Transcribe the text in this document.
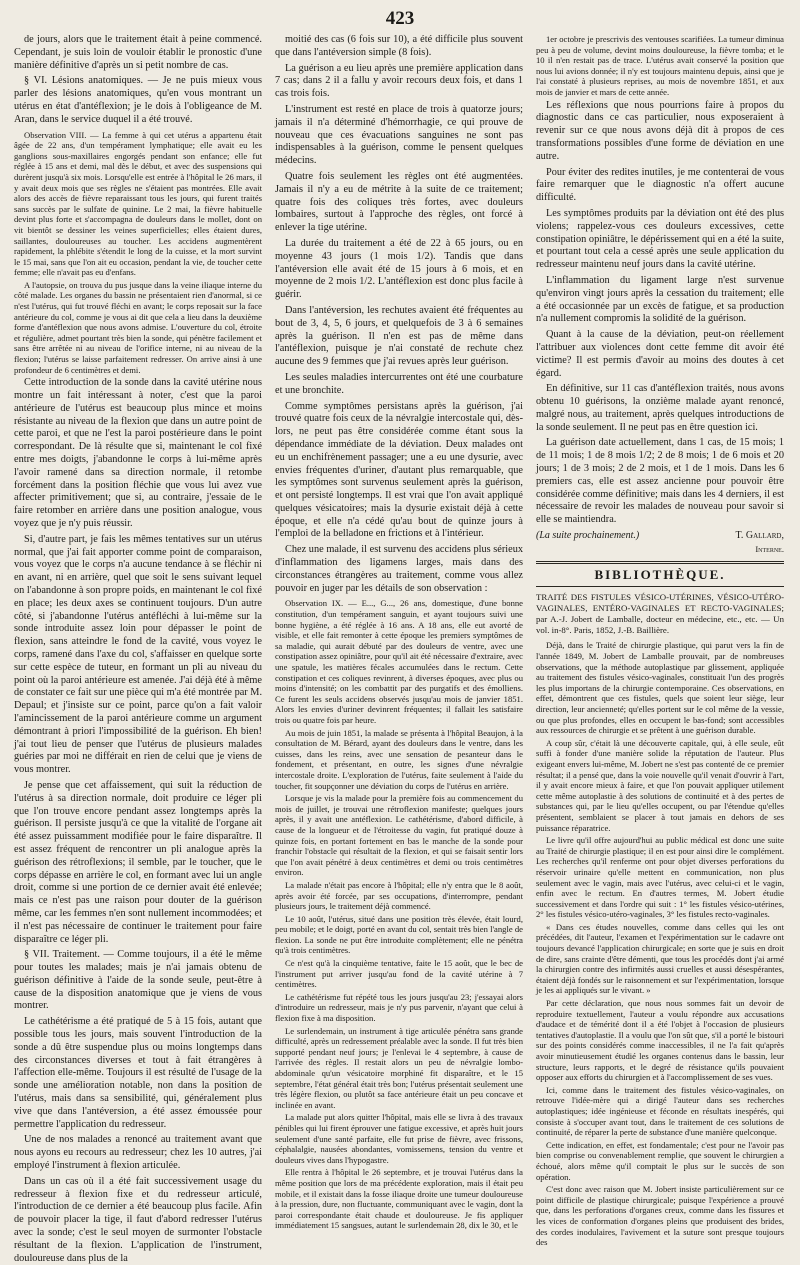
423

de jours, alors que le traitement était à peine commencé. Cependant, je suis loin de vouloir établir le pronostic d'une manière définitive d'après un si petit nombre de cas.

§ VI. Lésions anatomiques. — Je ne puis mieux vous parler des lésions anatomiques, qu'en vous montrant un utérus en état d'antéflexion; je le dois à l'obligeance de M. Aran, dans le service duquel il a été trouvé.

Observation VIII. — La femme à qui cet utérus a appartenu était âgée de 22 ans, d'un tempérament lymphatique; elle avait eu les ganglions sous-maxillaires engorgés pendant son enfance; elle fut réglée à 15 ans et demi, mal dès le début, et avec des suspensions qui durèrent jusqu'à six mois. Lorsqu'elle est entrée à l'hôpital le 26 mars, il y avait deux mois que ses règles ne s'étaient pas montrées. Elle avait alors des accès de fièvre reparaissant tous les jours, qui furent traités sans succès par le sulfate de quinine. Le 2 mai, la fièvre habituelle devint plus forte et s'accompagna de douleurs dans le mollet, dont on vit bientôt se dessiner les veines superficielles; elles étaient dures, saillantes, douloureuses au toucher. Les accidens augmentèrent rapidement, la phlébite s'étendit le long de la cuisse, et la mort survint le 15 mai, sans que l'on ait eu occasion, pendant la vie, de toucher cette femme; elle n'avait pas eu d'enfans.

A l'autopsie, on trouva du pus jusque dans la veine iliaque interne du côté malade. Les organes du bassin ne présentaient rien d'anormal, si ce n'est l'utérus, qui fut trouvé fléchi en avant; le corps reposait sur la face antérieure du col, comme je vous ai dit que cela a lieu dans la deuxième forme d'antéflexion que nous avons admise. L'ouverture du col, étroite et régulière, admet pourtant très bien la sonde, qui pénètre facilement et sans être arrêtée ni au niveau de l'orifice interne, ni au niveau de la flexion; l'utérus se laisse parfaitement redresser. On arrive ainsi à une profondeur de 6 centimètres et demi.

Cette introduction de la sonde dans la cavité utérine nous montre un fait intéressant à noter, c'est que la paroi antérieure de l'utérus est beaucoup plus mince et moins résistante au niveau de la flexion que dans un autre point de cette paroi, et que ne l'est la paroi postérieure dans le point correspondant. De là résulte que si, maintenant le col fixé entre mes doigts, j'abandonne le corps à lui-même après l'avoir ramené dans sa direction normale, il retombe forcément dans la position fléchie que vous lui avez vue affecter primitivement; que si, au contraire, j'essaie de le faire retomber en arrière dans une position analogue, vous voyez que je n'y puis réussir.

Si, d'autre part, je fais les mêmes tentatives sur un utérus normal, que j'ai fait apporter comme point de comparaison, vous voyez que le corps n'a aucune tendance à se fléchir ni en avant, ni en arrière, quel que soit le sens suivant lequel on l'abandonne à son propre poids, en maintenant le col fixé en place; les deux axes se continuent toujours. D'un autre côté, si j'abandonne l'utérus antéfléchi à lui-même sur la sonde introduite assez loin pour dépasser le point de flexion, sans atteindre le fond de la cavité, vous voyez le corps, ramené dans l'axe du col, s'affaisser en quelque sorte sur cette espèce de tuteur, en formant un pli au niveau du point où la paroi antérieure est amenée. J'ai déjà été à même de constater ce fait sur une pièce qui m'a été montrée par M. Depaul; et j'insiste sur ce point, parce qu'on a fait valoir l'amincissement de la paroi antérieure comme un argument démontrant à priori l'impossibilité de la guérison. Eh bien! j'ai tout lieu de penser que l'utérus de plusieurs malades guéries par moi ne différait en rien de celui que je viens de vous montrer.

Je pense que cet affaissement, qui suit la réduction de l'utérus à sa direction normale, doit produire ce léger pli que l'on trouve encore pendant assez longtemps après la guérison. Il persiste jusqu'à ce que la vitalité de l'organe ait été assez puissamment modifiée pour le faire disparaître. Il est assez fréquent de rencontrer un pli analogue après la guérison des rétroflexions; il semble, par le toucher, que le corps dépasse en arrière le col, en formant avec lui un angle droit, comme si une portion de ce dernier avait été enlevée; mais ce n'est pas une raison pour douter de la guérison même, car les femmes n'en sont nullement incommodées; et il n'est pas nécessaire de continuer le traitement pour faire disparaître ce léger pli.

§ VII. Traitement. — Comme toujours, il a été le même pour toutes les malades; mais je n'ai jamais obtenu de guérison définitive à l'aide de la sonde seule, peut-être à cause de la disposition anatomique que je viens de vous montrer.

Le cathétérisme a été pratiqué de 5 à 15 fois, autant que possible tous les jours, mais souvent l'introduction de la sonde a dû être suspendue plus ou moins longtemps dans des circonstances diverses et tout à fait étrangères à l'affection elle-même. Toujours il est résulté de l'usage de la sonde une amélioration notable, non dans la position de l'utérus, mais dans sa sensibilité, qui, généralement plus vive que dans l'antéversion, a été assez émoussée pour permettre l'application du redresseur.

Une de nos malades a renoncé au traitement avant que nous ayons eu recours au redresseur; chez les 10 autres, j'ai employé l'instrument à flexion articulée.

Dans un cas où il a été fait successivement usage du redresseur à flexion fixe et du redresseur articulé, l'introduction de ce dernier a été beaucoup plus facile. Afin de pouvoir placer la tige, il faut d'abord redresser l'utérus avec la sonde; c'est le seul moyen de surmonter l'obstacle résultant de la flexion. L'application de l'instrument, douloureuse dans plus de la

moitié des cas (6 fois sur 10), a été difficile plus souvent que dans l'antéversion simple (8 fois).

La guérison a eu lieu après une première application dans 7 cas; dans 2 il a fallu y avoir recours deux fois, et dans 1 cas trois fois.

L'instrument est resté en place de trois à quatorze jours; jamais il n'a déterminé d'hémorrhagie, ce qui prouve de nouveau que ces évacuations sanguines ne sont pas indispensables à la guérison, comme le pensent quelques médecins.

Quatre fois seulement les règles ont été augmentées. Jamais il n'y a eu de métrite à la suite de ce traitement; quatre fois des coliques très fortes, avec douleurs lombaires, surtout à l'approche des règles, ont forcé à enlever la tige utérine.

La durée du traitement a été de 22 à 65 jours, ou en moyenne 43 jours (1 mois 1/2). Tandis que dans l'antéversion elle avait été de 15 jours à 6 mois, et en moyenne de 2 mois 1/2. L'antéflexion est donc plus facile à guérir.

Dans l'antéversion, les rechutes avaient été fréquentes au bout de 3, 4, 5, 6 jours, et quelquefois de 3 à 6 semaines après la guérison. Il n'en est pas de même dans l'antéflexion, puisque je n'ai constaté de rechute chez aucune des 9 femmes que j'ai revues après leur guérison.

Les seules maladies intercurrentes ont été une courbature et une bronchite.

Comme symptômes persistans après la guérison, j'ai trouvé quatre fois ceux de la névralgie intercostale qui, dès-lors, ne peut pas être considérée comme étant sous la dépendance immédiate de la déviation. Deux malades ont eu un enchifrènement passager; une a eu une dysurie, avec envies fréquentes d'uriner, d'autant plus remarquable, que les symptômes sont survenus seulement après la guérison, et ont persisté longtemps. Il est vrai que l'on avait appliqué quelques vésicatoires; mais la dysurie existait déjà à cette époque, et elle n'a cédé qu'au bout de quinze jours à l'emploi de la belladone en frictions et à l'intérieur.

Chez une malade, il est survenu des accidens plus sérieux d'inflammation des ligamens larges, mais dans des circonstances étrangères au traitement, comme vous allez pouvoir en juger par les détails de son observation :

Observation IX. — E..., G..., 26 ans, domestique, d'une bonne constitution, d'un tempérament sanguin, et ayant toujours suivi une bonne hygiène, a été réglée à 16 ans. A 18 ans, elle eut avorté de visible, et elle fait remonter à cette époque les premiers symptômes de sa maladie, qui aurait débuté par des douleurs de ventre, avec une constipation assez opiniâtre, pour qu'il ait été nécessaire d'extraire, avec une spatule, les matières fécales accumulées dans le rectum. Cette constipation et ces coliques revinrent, à diverses époques, avec plus ou moins d'intensité; on les combattit par des purgatifs et des émolliens. Ce furent les seuls accidens observés jusqu'au mois de janvier 1851. Alors les envies d'uriner devinrent fréquentes; il fallait les satisfaire trois ou quatre fois par heure.

Au mois de juin 1851, la malade se présenta à l'hôpital Beaujon, à la consultation de M. Bérard, ayant des douleurs dans le ventre, dans les cuisses, dans les reins, avec une sensation de pesanteur dans le fondement, et présentant, en outre, les signes d'une névralgie intercostale droite. L'exploration de l'utérus, faite seulement à l'aide du toucher, fit soupçonner une déviation du corps de l'utérus en arrière.

Lorsque je vis la malade pour la première fois au commencement du mois de juillet, je trouvai une rétroflexion manifeste; quelques jours après, il y avait une antéflexion. Le cathétérisme, d'abord difficile, à cause de la longueur et de l'étroitesse du vagin, fut pratiqué douze à quinze fois, en portant fortement en bas le manche de la sonde pour franchir l'obstacle qui résultait de la flexion, et qui se faisait sentir lors que l'on avait pénétré à deux centimètres et demi ou trois centimètres environ.

La malade n'était pas encore à l'hôpital; elle n'y entra que le 8 août, après avoir été forcée, par ses occupations, d'interrompre, pendant plusieurs jours, le traitement déjà commencé.

Le 10 août, l'utérus, situé dans une position très élevée, était lourd, peu mobile; et le doigt, porté en avant du col, sentait très bien l'angle de flexion. La sonde ne put être introduite complètement; elle ne pénétra qu'à trois centimètres.

Ce n'est qu'à la cinquième tentative, faite le 15 août, que le bec de l'instrument put arriver jusqu'au fond de la cavité utérine à 7 centimètres.

Le cathétérisme fut répété tous les jours jusqu'au 23; j'essayai alors d'introduire un redresseur, mais je n'y pus parvenir, n'ayant que celui à flexion fixe à ma disposition.

Le surlendemain, un instrument à tige articulée pénétra sans grande difficulté, après un redressement préalable avec la sonde. Il fut très bien supporté pendant neuf jours; je l'enlevai le 4 septembre, à cause de l'arrivée des règles. Il restait alors un peu de névralgie lombo-abdominale qu'un vésicatoire morphiné fit disparaître, et le 15 septembre, l'état général était très bon; l'utérus présentait seulement une très légère flexion, ou plutôt sa face antérieure était un peu concave et inclinée en avant.

La malade put alors quitter l'hôpital, mais elle se livra à des travaux pénibles qui lui firent éprouver une fatigue excessive, et après huit jours seulement d'une santé parfaite, elle fut prise de fièvre, avec frissons, céphalalgie, nausées abondantes, vomissemens, tension du ventre et douleurs vives dans l'hypogastre.

Elle rentra à l'hôpital le 26 septembre, et je trouvai l'utérus dans la même position que lors de ma précédente exploration, mais il était peu mobile, et il existait dans la fosse iliaque droite une tumeur douloureuse à la pression, dure, non fluctuante, communiquant avec le vagin, dont la paroi correspondante était chaude et douloureuse. Je fis appliquer immédiatement 15 sangsues, autant le surlendemain 28, dix le 30, et le

1er octobre je prescrivis des ventouses scarifiées. La tumeur diminua peu à peu de volume, devint moins douloureuse, la fièvre tomba; et le 10 il n'en restait pas de trace. L'utérus avait conservé la position que nous lui avions donnée; il n'y est toujours maintenu depuis, ainsi que je l'ai constaté à plusieurs reprises, au mois de novembre 1851, et aux mois de janvier et mars de cette année.

Les réflexions que nous pourrions faire à propos du diagnostic dans ce cas particulier, nous exposeraient à revenir sur ce que nous avons déjà dit à propos de ces transformations possibles d'une forme de déviation en une autre.

Pour éviter des redites inutiles, je me contenterai de vous faire remarquer que le diagnostic n'a offert aucune difficulté.

Les symptômes produits par la déviation ont été des plus violens; rappelez-vous ces douleurs excessives, cette constipation opiniâtre, le dépérissement qui en a été la suite, et pourtant tout cela a cessé après une seule application du redresseur maintenu neuf jours dans la cavité utérine.

L'inflammation du ligament large n'est survenue qu'environ vingt jours après la cessation du traitement; elle a été occasionnée par un excès de fatigue, et sa production n'a nullement compromis la solidité de la guérison.

Quant à la cause de la déviation, peut-on réellement l'attribuer aux violences dont cette femme dit avoir été victime? Il est permis d'avoir au moins des doutes à cet égard.

En définitive, sur 11 cas d'antéflexion traités, nous avons obtenu 10 guérisons, la onzième malade ayant renoncé, malgré nous, au traitement, après quelques introductions de la sonde seulement. Il ne peut pas en être question ici.

La guérison date actuellement, dans 1 cas, de 15 mois; 1 de 11 mois; 1 de 8 mois 1/2; 2 de 8 mois; 1 de 6 mois et 20 jours; 1 de 3 mois; 2 de 2 mois, et 1 de 1 mois. Dans les 6 premiers cas, elle est assez ancienne pour pouvoir être considérée comme définitive; mais dans les 4 derniers, il est nécessaire de revoir les malades de nouveau pour savoir si elle se maintiendra.

(La suite prochainement.)	T. Gallard,
Interne.
BIBLIOTHÈQUE.
TRAITÉ DES FISTULES VÉSICO-UTÉRINES, VÉSICO-UTÉRO-VAGINALES, ENTÉRO-VAGINALES ET RECTO-VAGINALES; par A.-J. Jobert de Lamballe, docteur en médecine, etc., etc. — Un vol. in-8°. Paris, 1852, J.-B. Baillière.

Déjà, dans le Traité de chirurgie plastique, qui parut vers la fin de l'année 1849, M. Jobert de Lamballe prouvait, par de nombreuses observations, que la méthode autoplastique par glissement, appliquée au traitement des fistules vésico-vaginales, constituait l'un des progrès les plus importans de la chirurgie contemporaine. Ces observations, en effet, démontrent que ces fistules, quels que soient leur siège, leur direction, leur ancienneté; qu'elles portent sur le col même de la vessie, ou que plus profondes, elles en occupent le bas-fond; sont accessibles aux ressources de chirurgie et se prêtent à une guérison durable.

A coup sûr, c'était là une découverte capitale, qui, à elle seule, eût suffi à fonder d'une manière solide la réputation de l'auteur. Plus exigeant envers lui-même, M. Jobert ne s'est pas contenté de ce premier résultat; il a pensé que, dans la voie nouvelle qu'il venait d'ouvrir à l'art, il y avait encore mieux à faire, et que l'on pouvait appliquer utilement cette même autoplastie à des solutions de continuité et à des pertes de substances qui, par le lieu qu'elles occupent, ou par l'étendue qu'elles présentent, semblaient se placer à tout jamais en dehors de ses puissance réparatrice.

Le livre qu'il offre aujourd'hui au public médical est donc une suite au Traité de chirurgie plastique; il en est pour ainsi dire le complément. Les recherches qu'il renferme ont pour objet diverses perforations du réservoir urinaire qu'elle mettent en communication, non plus seulement avec le vagin, mais avec l'utérus, avec celui-ci et le vagin, enfin avec le rectum. En d'autres termes, M. Jobert étudie successivement et dans l'ordre qui suit : 1° les fistules vésico-utérines, 2° les fistules vésico-utéro-vaginales, 3° les fistules recto-vaginales.

« Dans ces études nouvelles, comme dans celles qui les ont précédées, dit l'auteur, l'examen et l'expérimentation sur le cadavre ont toujours devancé l'application chirurgicale; en sorte que je suis en droit de dire, sans crainte d'être démenti, que tous les procédés dont j'ai armé la chirurgien contre des infirmités aussi cruelles et aussi désespérantes, étaient déjà fondés sur le raisonnement et sur l'expérimentation, lorsque je les ai appliqués sur le vivant. »

Par cette déclaration, que nous nous sommes fait un devoir de reproduire textuellement, l'auteur a voulu répondre aux accusations d'audace et de témérité dont il a été l'objet à l'occasion de plusieurs tentatives d'autoplastie. Il a voulu que l'on sût que, s'il a porté le bistouri sur des points considérés comme inaccessibles, il ne l'a fait qu'après avoir minutieusement étudié les organes contenus dans le bassin, leur structure, leurs rapports, et le degré de résistance qu'ils pouvaient opposer aux efforts du chirurgien et à l'accomplissement de ses vues.

Ici, comme dans le traitement des fistules vésico-vaginales, on retrouve l'idée-mère qui a dirigé l'auteur dans ses recherches autoplastiques; idée ingénieuse et féconde en résultats inespérés, qui consiste à s'occuper avant tout, dans le traitement de ces solutions de continuité, de réparer la perte de substance d'une manière quelconque.

Cette indication, en effet, est fondamentale; c'est pour ne l'avoir pas bien comprise ou convenablement remplie, que souvent le chirurgien a échoué, alors même qu'il comptait le plus sur le succès de son opération.

C'est donc avec raison que M. Jobert insiste particulièrement sur ce point difficile de plastique chirurgicale; puisque l'expérience a prouvé que, dans les perforations d'organes creux, comme dans les fissures et les vices de conformation d'organes pleins que produisent des brides, des cordes inodulaires, l'avivement et la suture sont presque toujours des
